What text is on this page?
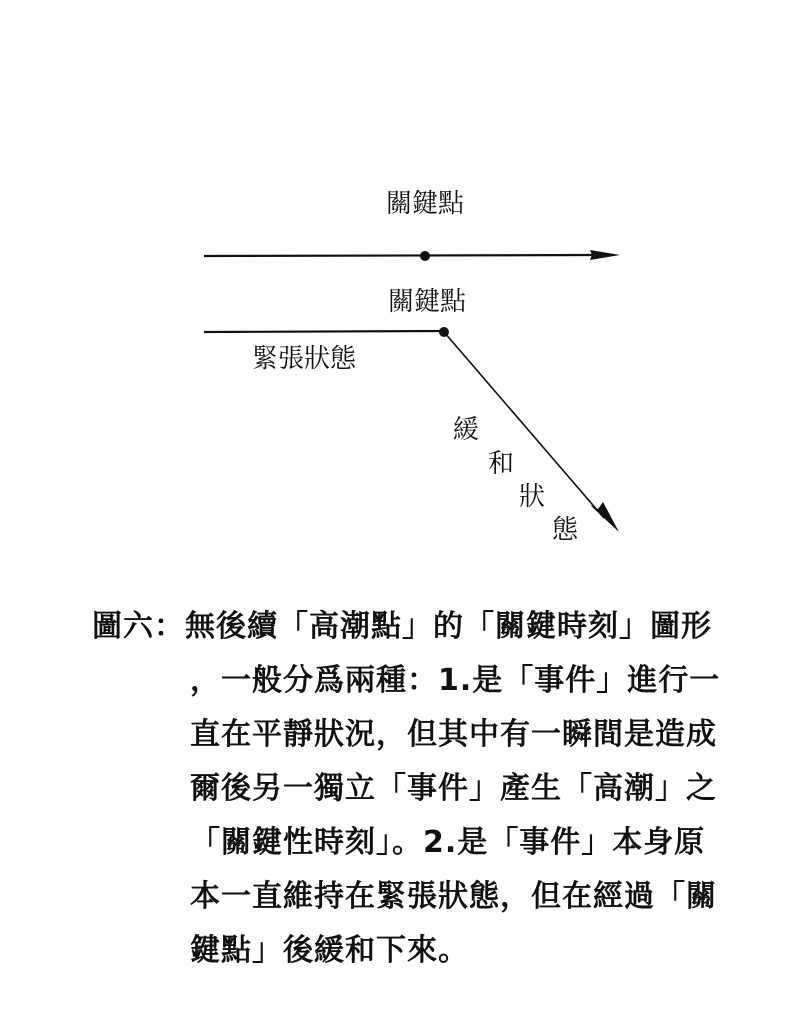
關鍵點
關鍵點
緊張狀態
緩
和
狀
態
圖六：無後續「高潮點」的「關鍵時刻」圖形
，一般分爲兩種：1.是「事件」進行一
直在平靜狀況，但其中有一瞬間是造成
爾後另一獨立「事件」產生「高潮」之
「關鍵性時刻」。2.是「事件」本身原
本一直維持在緊張狀態，但在經過「關
鍵點」後緩和下來。
